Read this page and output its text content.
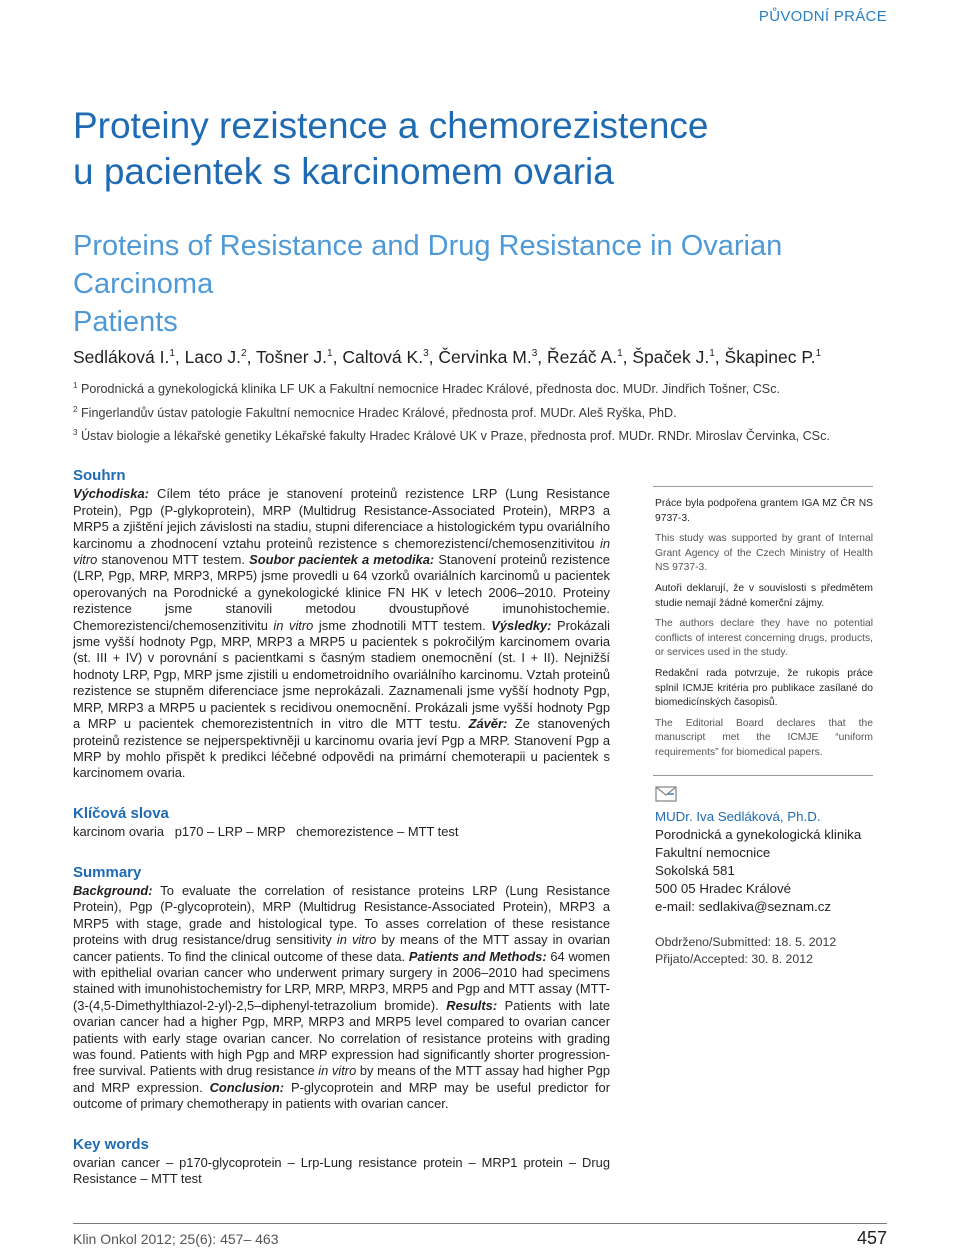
PŮVODNÍ PRÁCE
Proteiny rezistence a chemorezistence
u pacientek s karcinomem ovaria
Proteins of Resistance and Drug Resistance in Ovarian Carcinoma
Patients
Sedláková I.$^1$, Laco J.$^2$, Tošner J.$^1$, Caltová K.$^3$, Červinka M.$^3$, Řezáč A.$^1$, Špaček J.$^1$, Škapinec P.$^1$
$^1$ Porodnická a gynekologická klinika LF UK a Fakultní nemocnice Hradec Králové, přednosta doc. MUDr. Jindřich Tošner, CSc.
$^2$ Fingerlandův ústav patologie Fakultní nemocnice Hradec Králové, přednosta prof. MUDr. Aleš Ryška, PhD.
$^3$ Ústav biologie a lékařské genetiky Lékařské fakulty Hradec Králové UK v Praze, přednosta prof. MUDr. RNDr. Miroslav Červinka, CSc.
Souhrn

Východiska: Cílem této práce je stanovení proteinů rezistence LRP (Lung Resistance Protein), Pgp (P-glykoprotein), MRP (Multidrug Resistance-Associated Protein), MRP3 a MRP5 a zjištění jejich závislosti na stadiu, stupni diferenciace a histologickém typu ovariálního karcinomu a zhodnocení vztahu proteinů rezistence s chemorezistencí/chemosenzitivitou in vitro stanovenou MTT testem. Soubor pacientek a metodika: Stanovení proteinů rezistence (LRP, Pgp, MRP, MRP3, MRP5) jsme provedli u 64 vzorků ovariálních karcinomů u pacientek operovaných na Porodnické a gynekologické klinice FN HK v letech 2006–2010. Proteiny rezistence jsme stanovili metodou dvoustupňové imunohistochemie. Chemorezistenci/chemosenzitivitu in vitro jsme zhodnotili MTT testem. Výsledky: Prokázali jsme vyšší hodnoty Pgp, MRP, MRP3 a MRP5 u pacientek s pokročilým karcinomem ovaria (st. III + IV) v porovnání s pacientkami s časným stadiem onemocnění (st. I + II). Nejnižší hodnoty LRP, Pgp, MRP jsme zjistili u endometroidního ovariálního karcinomu. Vztah proteinů rezistence se stupněm diferenciace jsme neprokázali. Zaznamenali jsme vyšší hodnoty Pgp, MRP, MRP3 a MRP5 u pacientek s recidivou onemocnění. Prokázali jsme vyšší hodnoty Pgp a MRP u pacientek chemorezistentních in vitro dle MTT testu. Závěr: Ze stanovených proteinů rezistence se nejperspektivněji u karcinomu ovaria jeví Pgp a MRP. Stanovení Pgp a MRP by mohlo přispět k predikci léčebné odpovědi na primární chemoterapii u pacientek s karcinomem ovaria.

Klíčová slova

karcinom ovaria   p170 – LRP – MRP   chemorezistence – MTT test

Summary

Background: To evaluate the correlation of resistance proteins LRP (Lung Resistance Protein), Pgp (P-glycoprotein), MRP (Multidrug Resistance-Associated Protein), MRP3 a MRP5 with stage, grade and histological type. To asses correlation of these resistance proteins with drug resistance/drug sensitivity in vitro by means of the MTT assay in ovarian cancer patients. To find the clinical outcome of these data. Patients and Methods: 64 women with epithelial ovarian cancer who underwent primary surgery in 2006–2010 had specimens stained with imunohistochemistry for LRP, MRP, MRP3, MRP5 and Pgp and MTT assay (MTT-(3-(4,5-Dimethylthiazol-2-yl)-2,5–diphenyl-tetrazolium bromide). Results: Patients with late ovarian cancer had a higher Pgp, MRP, MRP3 and MRP5 level compared to ovarian cancer patients with early stage ovarian cancer. No correlation of resistance proteins with grading was found. Patients with high Pgp and MRP expression had significantly shorter progression-free survival. Patients with drug resistance in vitro by means of the MTT assay had higher Pgp and MRP expression. Conclusion: P-glycoprotein and MRP may be useful predictor for outcome of primary chemotherapy in patients with ovarian cancer.

Key words

ovarian cancer – p170-glycoprotein – Lrp-Lung resistance protein – MRP1 protein – Drug Resistance – MTT test

Práce byla podpořena grantem IGA MZ ČR NS 9737-3.

This study was supported by grant of Internal Grant Agency of the Czech Ministry of Health NS 9737-3.

Autoři deklarují, že v souvislosti s předmětem studie nemají žádné komerční zájmy.

The authors declare they have no potential conflicts of interest concerning drugs, products, or services used in the study.

Redakční rada potvrzuje, že rukopis práce splnil ICMJE kritéria pro publikace zasílané do biomedicínských časopisů.

The Editorial Board declares that the manuscript met the ICMJE “uniform requirements” for biomedical papers.

MUDr. Iva Sedláková, Ph.D.
Porodnická a gynekologická klinika
Fakultní nemocnice
Sokolská 581
500 05 Hradec Králové
e-mail: sedlakiva@seznam.cz
Obdrženo/Submitted: 18. 5. 2012
Přijato/Accepted: 30. 8. 2012
Klin Onkol 2012; 25(6): 457– 463	457
